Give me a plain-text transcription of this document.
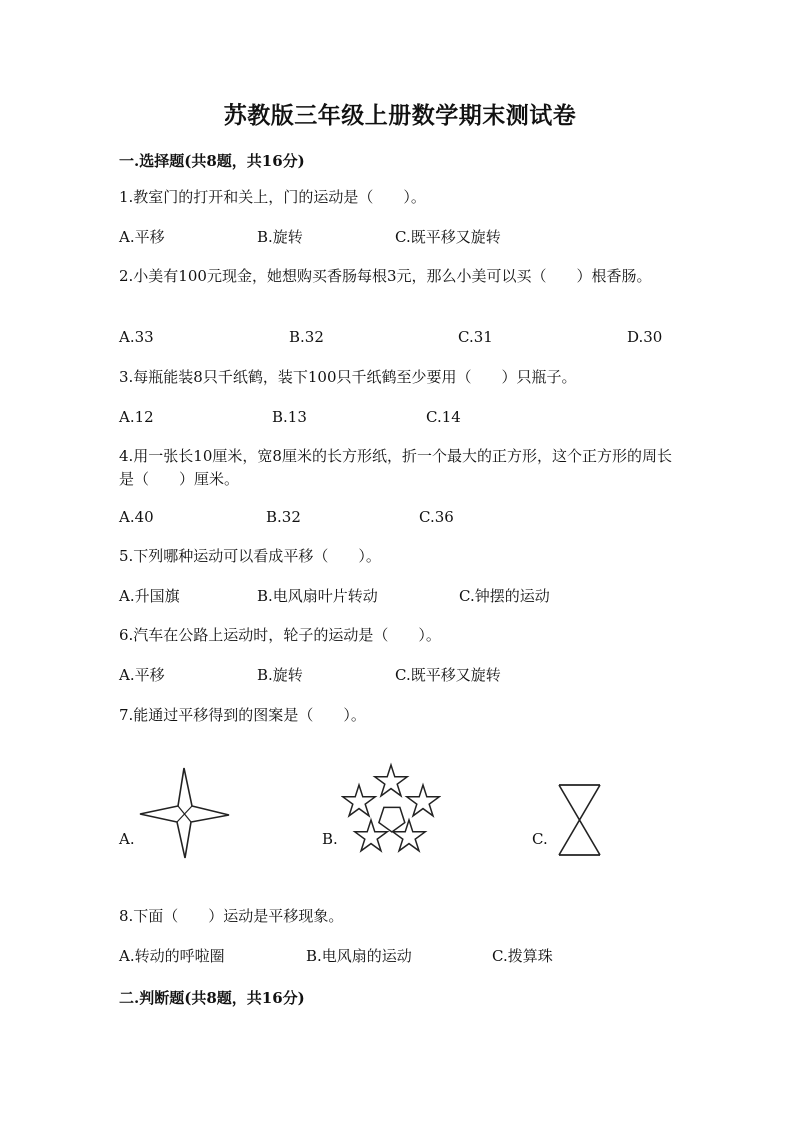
苏教版三年级上册数学期末测试卷
一.选择题(共8题，共16分)
1.教室门的打开和关上，门的运动是（　　）。
A.平移	B.旋转	C.既平移又旋转
2.小美有100元现金，她想购买香肠每根3元，那么小美可以买（　　）根香肠。
A.33	B.32	C.31	D.30
3.每瓶能装8只千纸鹤，装下100只千纸鹤至少要用（　　）只瓶子。
A.12	B.13	C.14
4.用一张长10厘米，宽8厘米的长方形纸，折一个最大的正方形，这个正方形的周长是（　　）厘米。
A.40	B.32	C.36
5.下列哪种运动可以看成平移（　　）。
A.升国旗	B.电风扇叶片转动	C.钟摆的运动
6.汽车在公路上运动时，轮子的运动是（　　）。
A.平移	B.旋转	C.既平移又旋转
7.能通过平移得到的图案是（　　）。
A.	B.	C.
8.下面（　　）运动是平移现象。
A.转动的呼啦圈	B.电风扇的运动	C.拨算珠
二.判断题(共8题，共16分)
